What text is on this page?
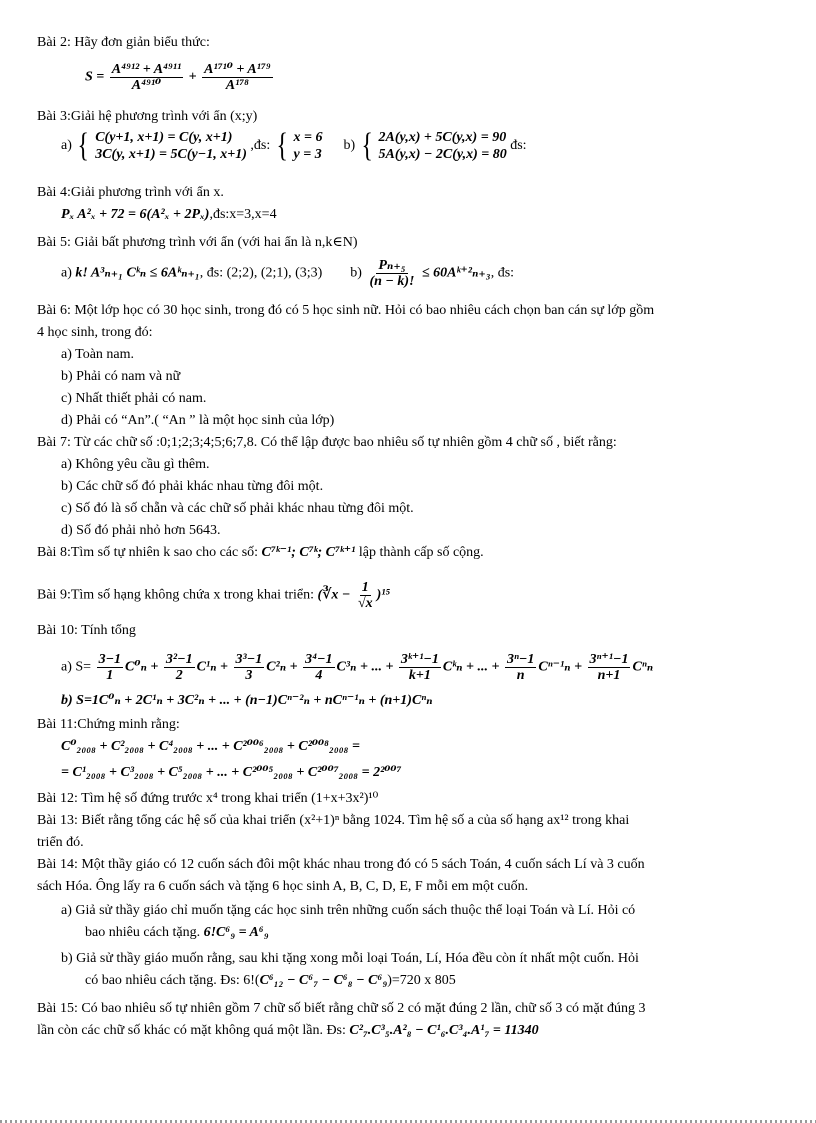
Bài 2: Hãy đơn giản biểu thức:
$S = \frac{\text{A⁴⁹¹² + A⁴⁹¹¹}}{\text{A⁴⁹¹⁰}} + \frac{\text{A¹⁷¹⁰ + A¹⁷⁹}}{\text{A¹⁷⁸}}$
Bài 3:Giải hệ phương trình với ẩn (x;y)
a) { C(y+1, x+1) = C(y, x+1)
3C(y, x+1) = 5C(y−1, x+1)
,đs: { x = 6
y = 3
b) { 2A(y,x) + 5C(y,x) = 90
5A(y,x) − 2C(y,x) = 80
đs:
Bài 4:Giải phương trình với ẩn x.
Pₓ A²ₓ + 72 = 6(A²ₓ + 2Pₓ),đs:x=3,x=4
Bài 5: Giải bất phương trình với ẩn (với hai ẩn là n,k∈N)
a) k! A³ₙ₊₁ Cᵏₙ ≤ 6Aᵏₙ₊₁, đs: (2;2), (2;1), (3;3) $b) \frac{\text{Pₙ₊₅}}{(n - k)!}$ ≤ 60Aᵏ⁺²ₙ₊₃, đs:
Bài 6: Một lớp học có 30 học sinh, trong đó có 5 học sinh nữ. Hỏi có bao nhiêu cách chọn ban cán sự lớp gồm
4 học sinh, trong đó:
a) Toàn nam.
b) Phải có nam và nữ
c) Nhất thiết phải có nam.
d) Phải có “An”.( “An ” là một học sinh của lớp)
Bài 7: Từ các chữ số :0;1;2;3;4;5;6;7,8. Có thể lập được bao nhiêu số tự nhiên gồm 4 chữ số , biết rằng:
a) Không yêu cầu gì thêm.
b) Các chữ số đó phải khác nhau từng đôi một.
c) Số đó là số chẵn và các chữ số phải khác nhau từng đôi một.
d) Số đó phải nhỏ hơn 5643.
Bài 8:Tìm số tự nhiên k sao cho các số: C⁷ᵏ⁻¹; C⁷ᵏ; C⁷ᵏ⁺¹ lập thành cấp số cộng.
Bài 9:Tìm số hạng không chứa x trong khai triển: (∛x − $\frac{1}{√x} )^{15}$
Bài 10: Tính tổng
a) $S= \frac{3-1}{1} C^0_n + \frac{\text{3²−1}}{2} C^1_n + \frac{\text{3³−1}}{3} C^2_n + \frac{\text{3⁴−1}}{4} C^3_n$ + ... + $\frac{\text{3ᵏ⁺¹−1}}{k+1}$ Cᵏₙ + ... + $\frac{\text{3ⁿ−1}}{n} C^{n-1}_n + \frac{\text{3ⁿ⁺¹−1}}{n+1}$ Cⁿₙ
b) S=1C⁰ₙ + 2C¹ₙ + 3C²ₙ + ... + (n−1)Cⁿ⁻²ₙ + nCⁿ⁻¹ₙ + (n+1)Cⁿₙ
Bài 11:Chứng minh rằng:
C⁰₂₀₀₈ + C²₂₀₀₈ + C⁴₂₀₀₈ + ... + C²⁰⁰⁶₂₀₀₈ + C²⁰⁰⁸₂₀₀₈ =
= C¹₂₀₀₈ + C³₂₀₀₈ + C⁵₂₀₀₈ + ... + C²⁰⁰⁵₂₀₀₈ + C²⁰⁰⁷₂₀₀₈ = 2²⁰⁰⁷
Bài 12: Tìm hệ số đứng trước x⁴ trong khai triển (1+x+3x²)¹⁰
Bài 13: Biết rằng tổng các hệ số của khai triển (x²+1)ⁿ bằng 1024. Tìm hệ số a của số hạng ax¹² trong khai
triển đó.
Bài 14: Một thầy giáo có 12 cuốn sách đôi một khác nhau trong đó có 5 sách Toán, 4 cuốn sách Lí và 3 cuốn
sách Hóa. Ông lấy ra 6 cuốn sách và tặng 6 học sinh A, B, C, D, E, F mỗi em một cuốn.
a) Giả sử thầy giáo chỉ muốn tặng các học sinh trên những cuốn sách thuộc thể loại Toán và Lí. Hỏi có
bao nhiêu cách tặng. 6!C⁶₉ = A⁶₉
b) Giả sử thầy giáo muốn rằng, sau khi tặng xong mỗi loại Toán, Lí, Hóa đều còn ít nhất một cuốn. Hỏi
có bao nhiêu cách tặng. Đs: 6!(C⁶₁₂ − C⁶₇ − C⁶₈ − C⁶₉)=720 x 805
Bài 15: Có bao nhiêu số tự nhiên gồm 7 chữ số biết rằng chữ số 2 có mặt đúng 2 lần, chữ số 3 có mặt đúng 3
lần còn các chữ số khác có mặt không quá một lần. Đs: C²₇.C³₅.A²₈ − C¹₆.C³₄.A¹₇ = 11340
